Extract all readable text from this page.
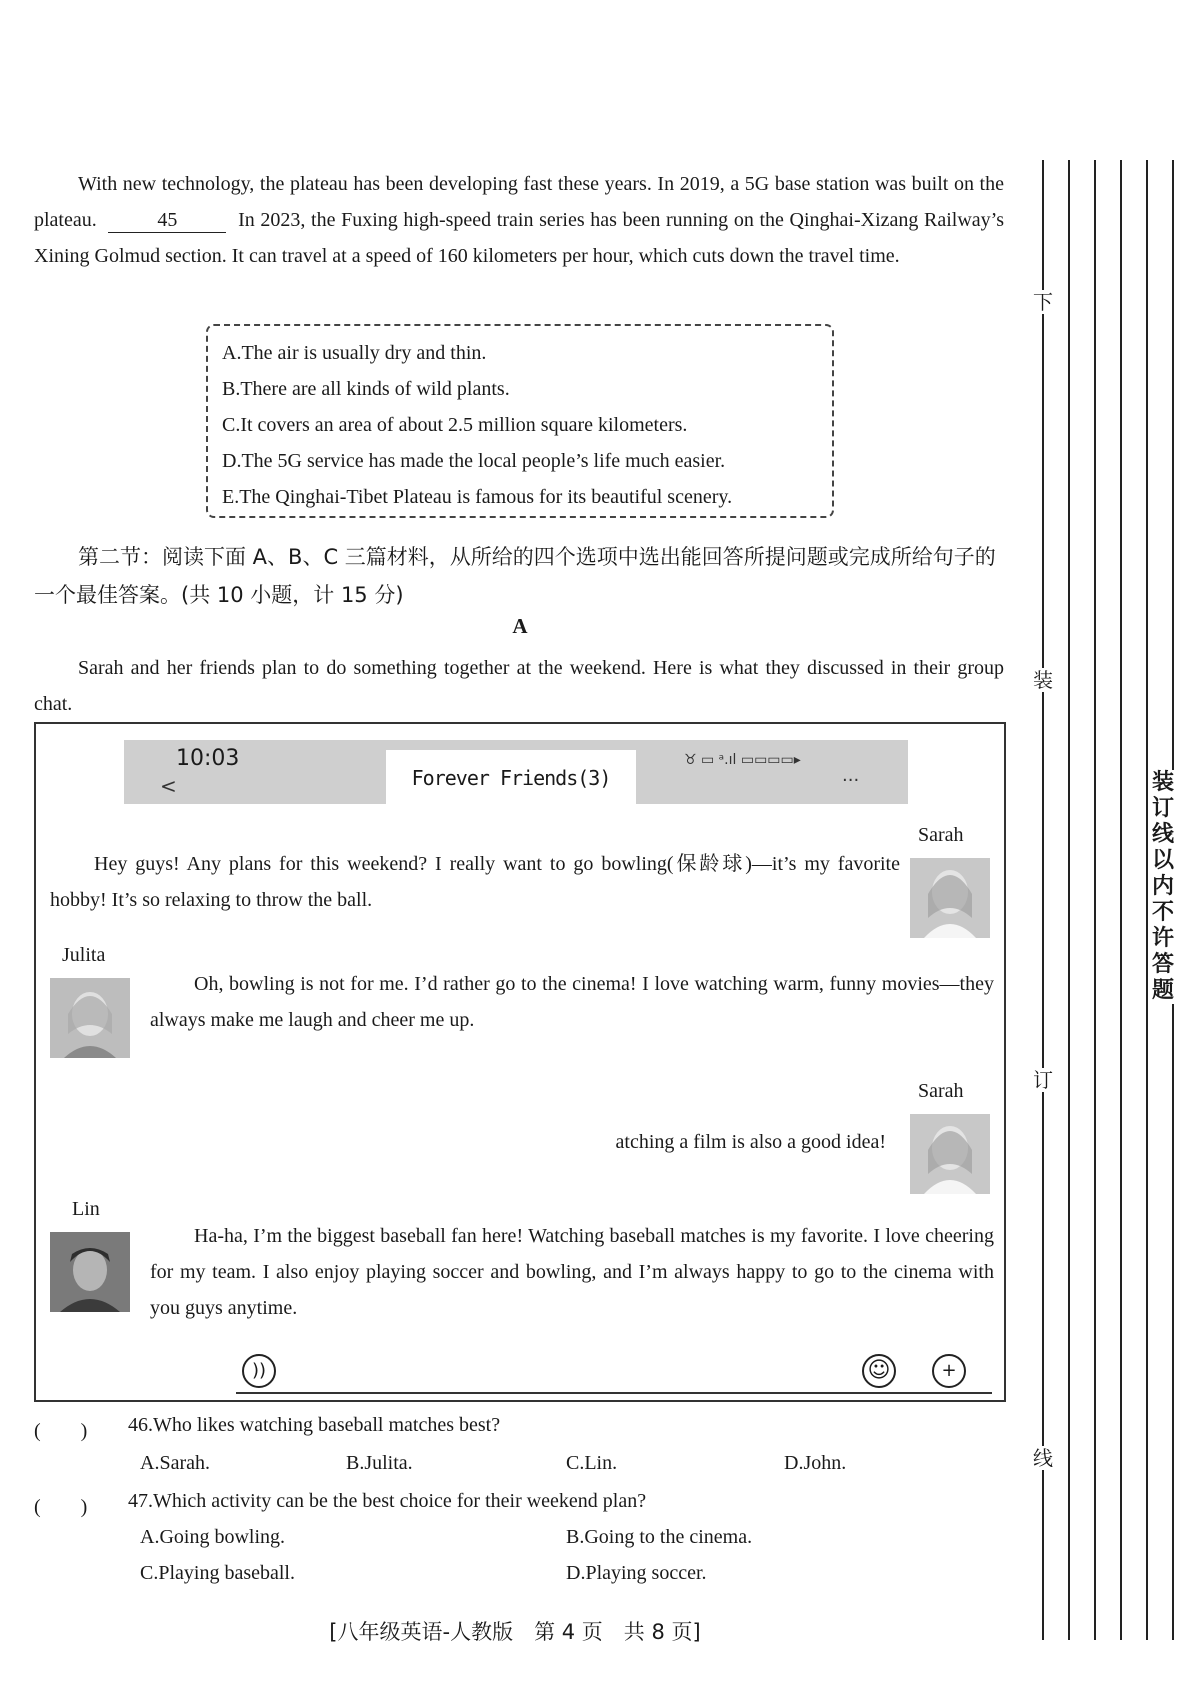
With new technology, the plateau has been developing fast these years. In 2019, a 5G base station was built on the plateau.	45	In 2023, the Fuxing high-speed train series has been running on the Qinghai-Xizang Railway’s Xining Golmud section. It can travel at a speed of 160 kilometers per hour, which cuts down the travel time.

A.The air is usually dry and thin.
B.There are all kinds of wild plants.
C.It covers an area of about 2.5 million square kilometers.
D.The 5G service has made the local people’s life much easier.
E.The Qinghai-Tibet Plateau is famous for its beautiful scenery.
第二节：阅读下面 A、B、C 三篇材料，从所给的四个选项中选出能回答所提问题或完成所给句子的一个最佳答案。(共 10 小题，计 15 分)
A

Sarah and her friends plan to do something together at the weekend. Here is what they discussed in their group chat.

10:03
<	Forever Friends(3)
♉ ▭ ᵃ.ıl ▭▭▭▭▸
···
Sarah

Hey guys! Any plans for this weekend? I really want to go bowling(保龄球)—it’s my favorite hobby! It’s so relaxing to throw the ball.

Julita

Oh, bowling is not for me. I’d rather go to the cinema! I love watching warm, funny movies—they always make me laugh and cheer me up.

Sarah
atching a film is also a good idea!
Lin

Ha-ha, I’m the biggest baseball fan here! Watching baseball matches is my favorite. I love cheering for my team. I also enjoy playing soccer and bowling, and I’m always happy to go to the cinema with you guys anytime.

))	☺	+
(　　) 46.Who likes watching baseball matches best?
A.Sarah.	B.Julita.	C.Lin.	D.John.
(　　) 47.Which activity can be the best choice for their weekend plan?
A.Going bowling.	B.Going to the cinema.
C.Playing baseball.	D.Playing soccer.
下
装
订
线
装订线以内不许答题
[八年级英语-人教版　第 4 页　共 8 页]
